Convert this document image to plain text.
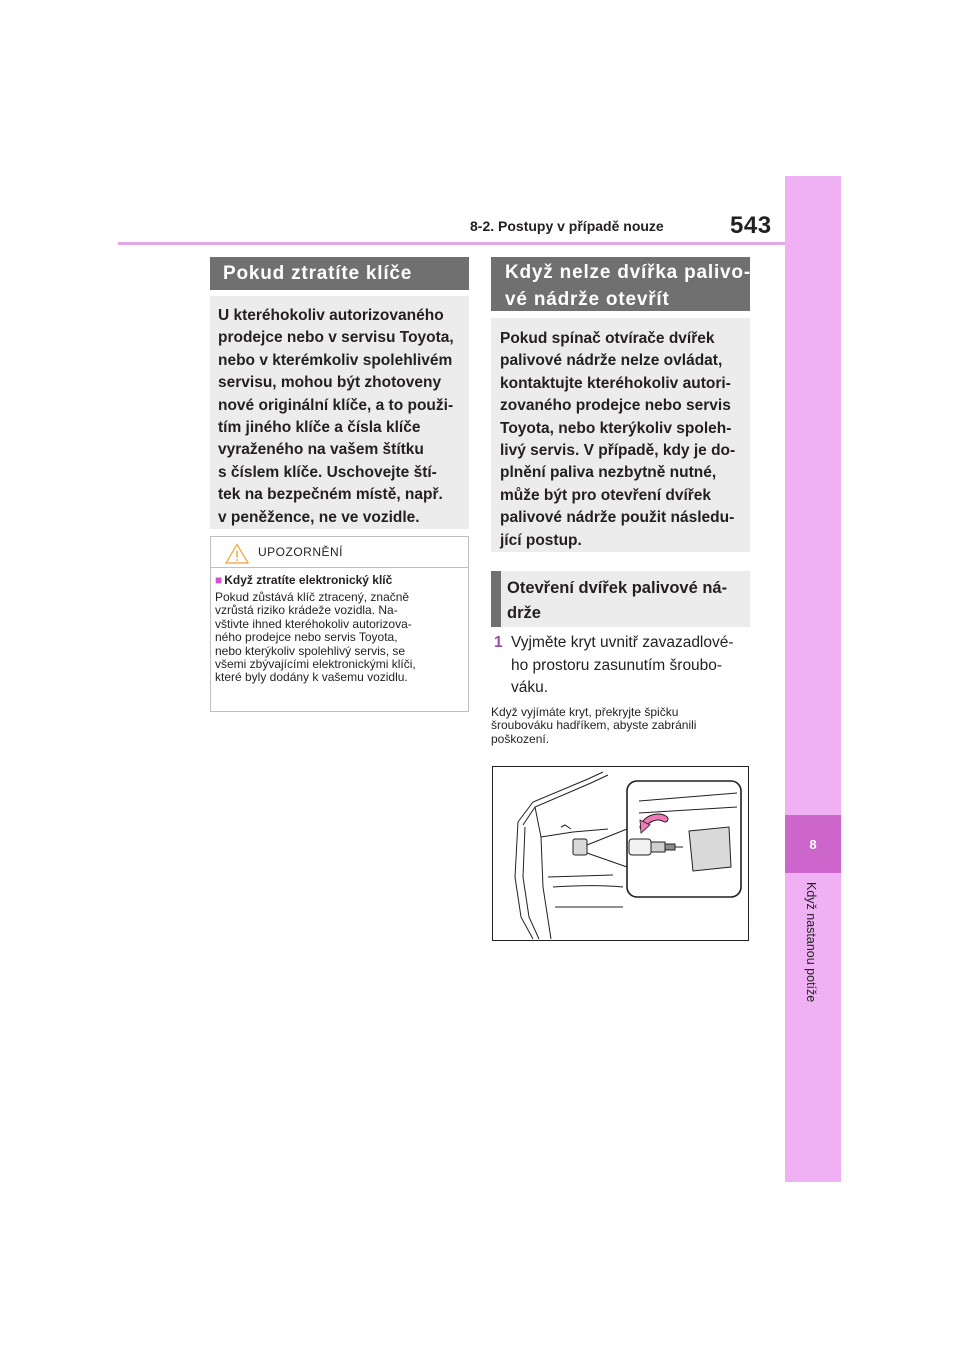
8-2. Postupy v případě nouze	543
8
Když nastanou potíže
Pokud ztratíte klíče
U kteréhokoliv autorizovaného
prodejce nebo v servisu Toyota,
nebo v kterémkoliv spolehlivém
servisu, mohou být zhotoveny
nové originální klíče, a to použi-
tím jiného klíče a čísla klíče
vyraženého na vašem štítku
s číslem klíče. Uschovejte ští-
tek na bezpečném místě, např.
v peněžence, ne ve vozidle.
UPOZORNĚNÍ
■ Když ztratíte elektronický klíč
Pokud zůstává klíč ztracený, značně
vzrůstá riziko krádeže vozidla. Na-
vštivte ihned kteréhokoliv autorizova-
ného prodejce nebo servis Toyota,
nebo kterýkoliv spolehlivý servis, se
všemi zbývajícími elektronickými klíči,
které byly dodány k vašemu vozidlu.
Když nelze dvířka palivo-
vé nádrže otevřít
Pokud spínač otvírače dvířek
palivové nádrže nelze ovládat,
kontaktujte kteréhokoliv autori-
zovaného prodejce nebo servis
Toyota, nebo kterýkoliv spoleh-
livý servis. V případě, kdy je do-
plnění paliva nezbytně nutné,
může být pro otevření dvířek
palivové nádrže použit následu-
jící postup.
Otevření dvířek palivové ná-
drže
1 Vyjměte kryt uvnitř zavazadlové-
ho prostoru zasunutím šroubo-
váku.
Když vyjímáte kryt, překryjte špičku
šroubováku hadříkem, abyste zabránili
poškození.
